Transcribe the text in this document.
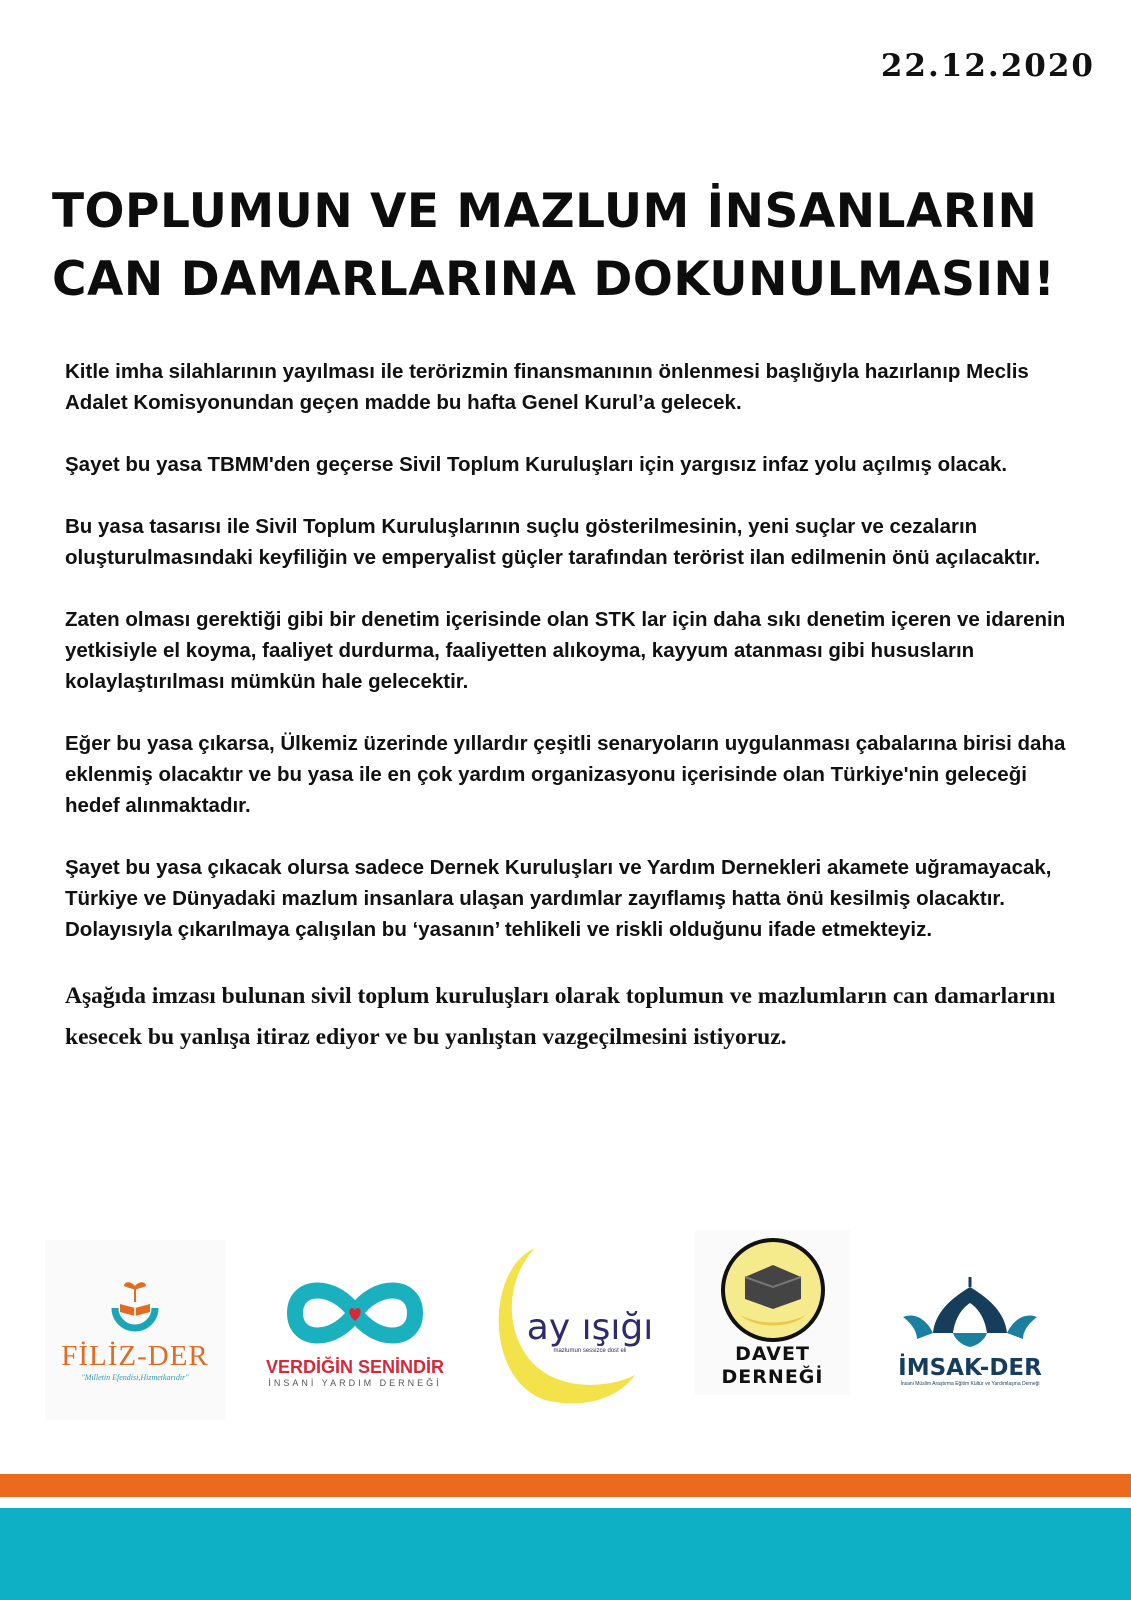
22.12.2020
TOPLUMUN VE MAZLUM İNSANLARIN
CAN DAMARLARINA DOKUNULMASIN!

Kitle imha silahlarının yayılması ile terörizmin finansmanının önlenmesi başlığıyla hazırlanıp Meclis Adalet Komisyonundan geçen madde bu hafta Genel Kurul’a gelecek.

Şayet bu yasa TBMM'den geçerse Sivil Toplum Kuruluşları için yargısız infaz yolu açılmış olacak.

Bu yasa tasarısı ile Sivil Toplum Kuruluşlarının suçlu gösterilmesinin, yeni suçlar ve cezaların oluşturulmasındaki keyfiliğin ve emperyalist güçler tarafından terörist ilan edilmenin önü açılacaktır.

Zaten olması gerektiği gibi bir denetim içerisinde olan STK lar için daha sıkı denetim içeren ve idarenin yetkisiyle el koyma, faaliyet durdurma, faaliyetten alıkoyma, kayyum atanması gibi hususların kolaylaştırılması mümkün hale gelecektir.

Eğer bu yasa çıkarsa, Ülkemiz üzerinde yıllardır çeşitli senaryoların uygulanması çabalarına birisi daha eklenmiş olacaktır ve bu yasa ile en çok yardım organizasyonu içerisinde olan Türkiye'nin geleceği hedef alınmaktadır.

Şayet bu yasa çıkacak olursa sadece Dernek Kuruluşları ve Yardım Dernekleri akamete uğramayacak, Türkiye ve Dünyadaki mazlum insanlara ulaşan yardımlar zayıflamış hatta önü kesilmiş olacaktır. Dolayısıyla çıkarılmaya çalışılan bu ‘yasanın’ tehlikeli ve riskli olduğunu ifade etmekteyiz.

Aşağıda imzası bulunan sivil toplum kuruluşları olarak toplumun ve mazlumların can damarlarını kesecek bu yanlışa itiraz ediyor ve bu yanlıştan vazgeçilmesini istiyoruz.

FİLİZ-DER
"Milletin Efendisi,Hizmetkarıdır"
VERDİĞİN SENİNDİR
İNSANİ YARDIM DERNEĞİ
ay ışığı
mazlumun sessizce dost eli	DAVET
DERNEĞİ	İMSAK-DER
İnsani Müslim Araştırma Eğitim Kültür ve Yardımlaşma Derneği
